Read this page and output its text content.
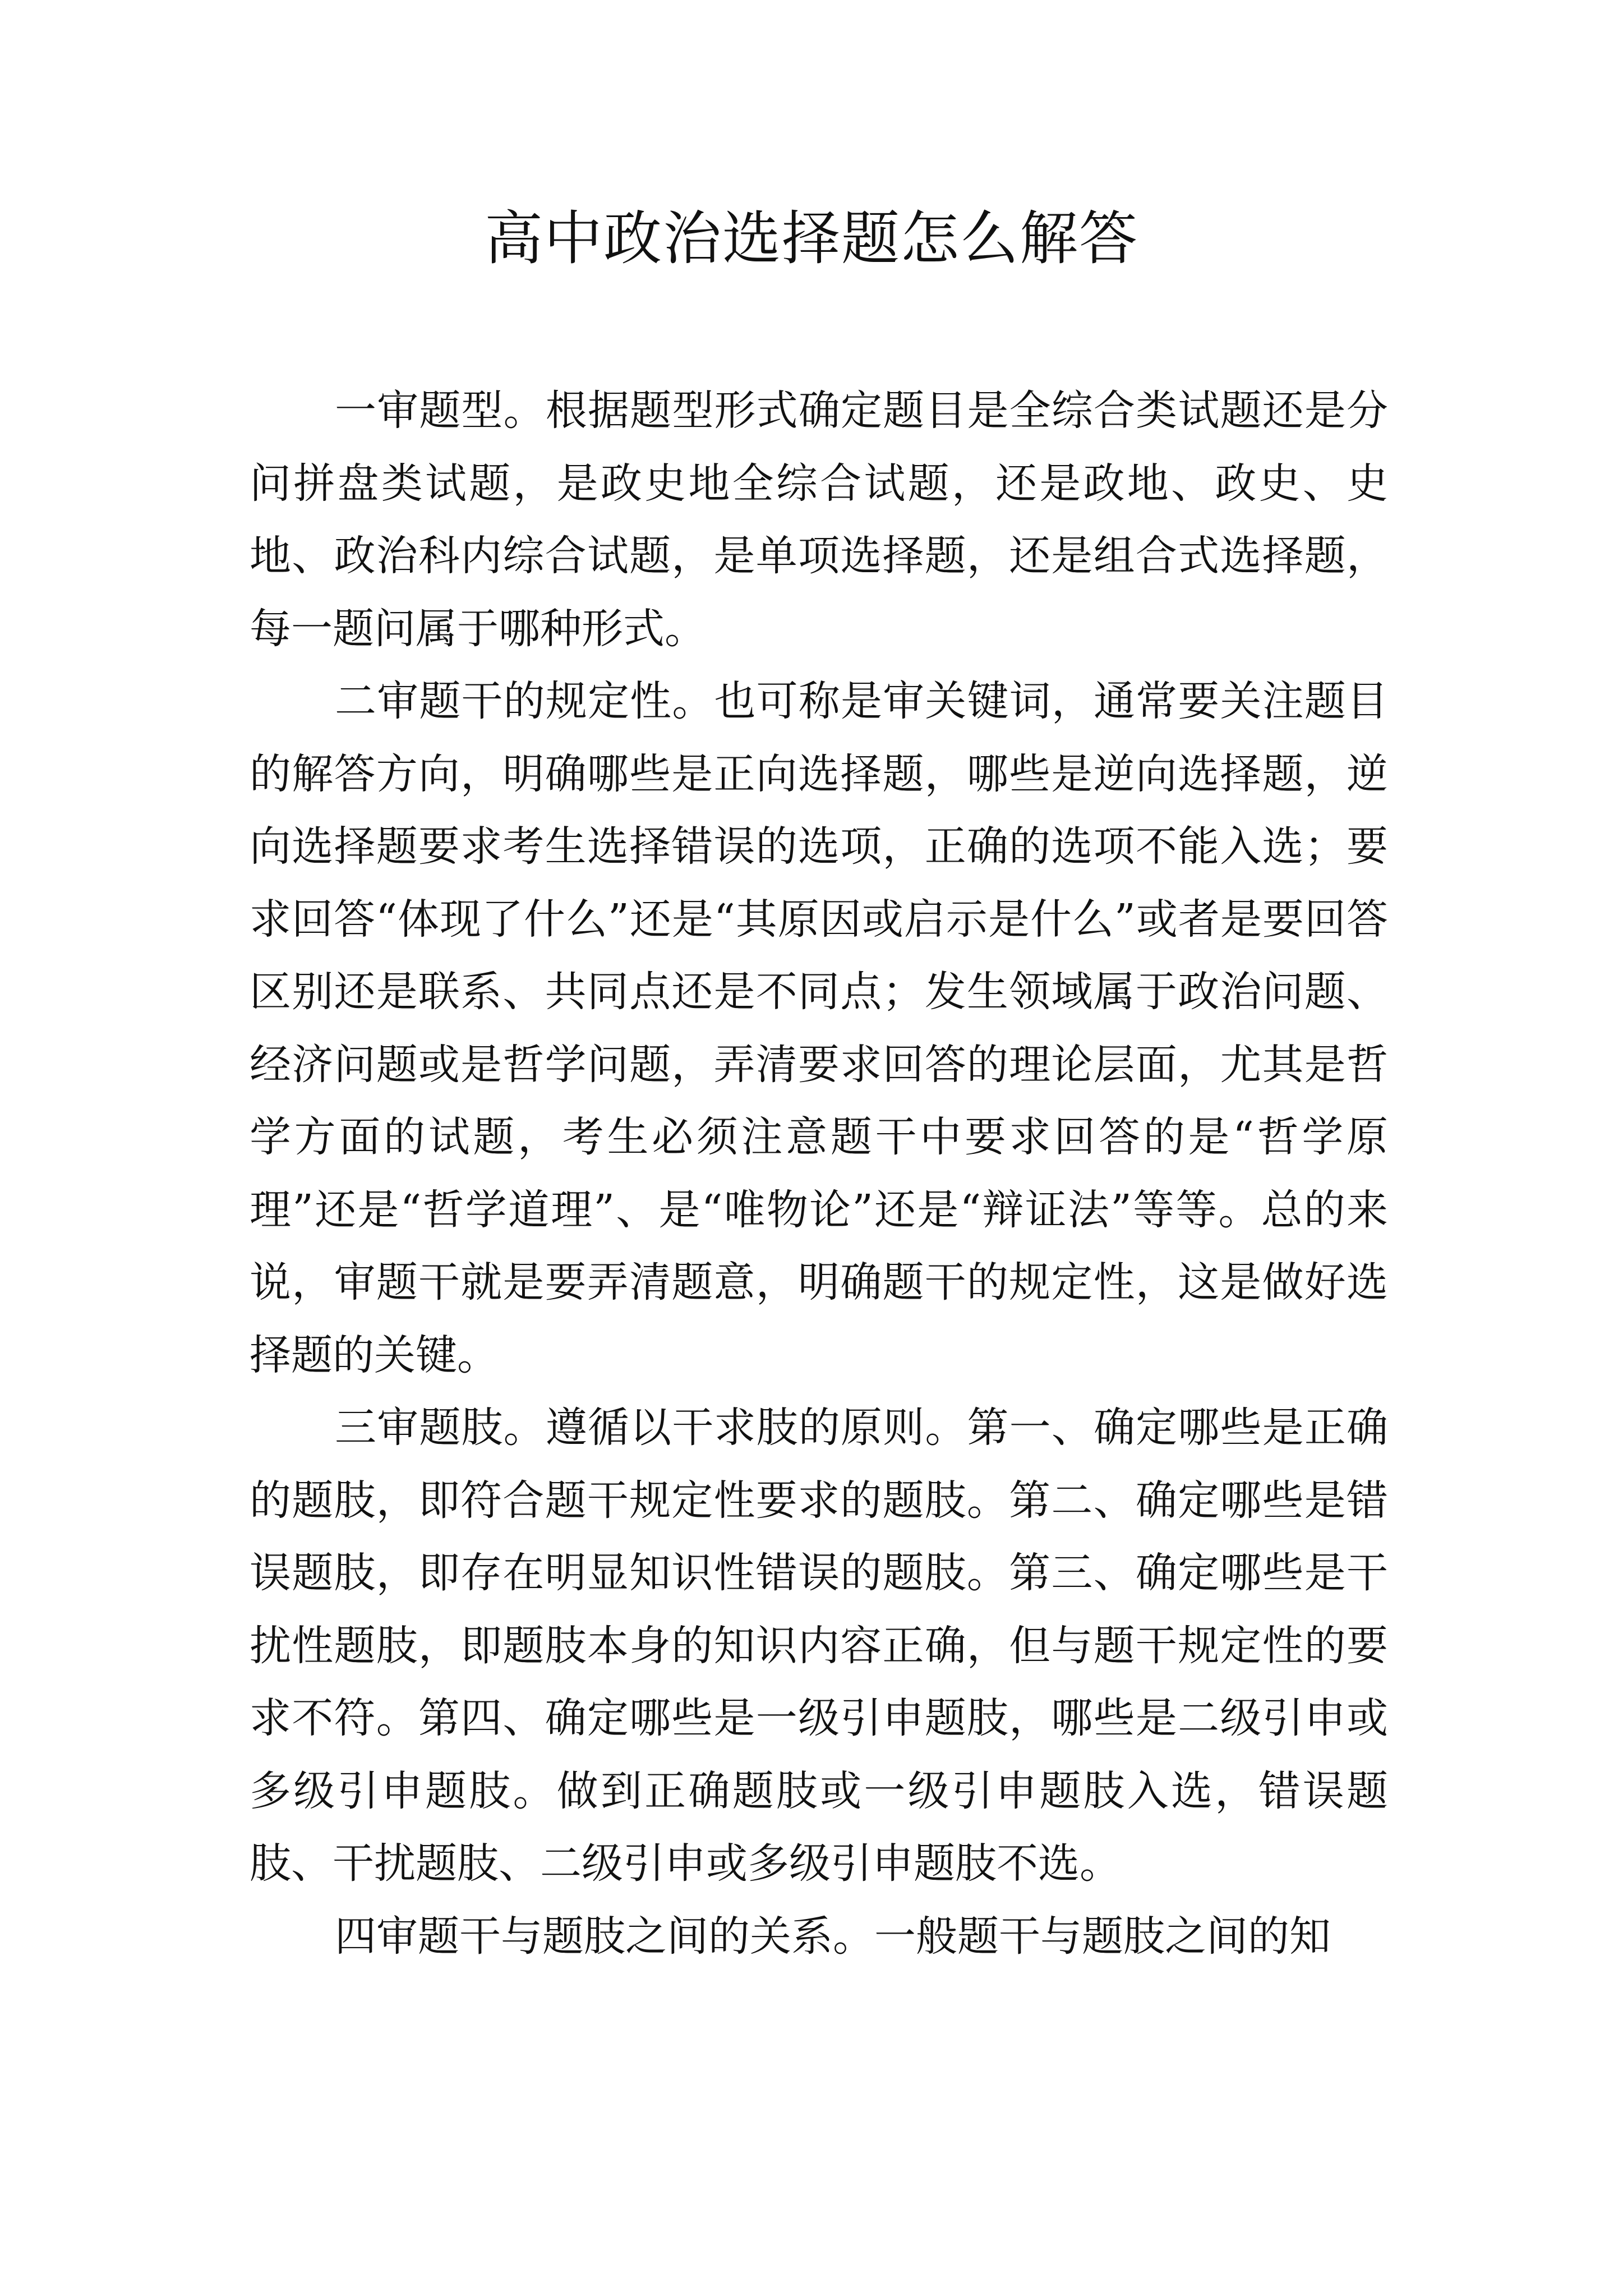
高中政治选择题怎么解答

一审题型。根据题型形式确定题目是全综合类试题还是分问拼盘类试题，是政史地全综合试题，还是政地、政史、史地、政治科内综合试题，是单项选择题，还是组合式选择题，每一题问属于哪种形式。

二审题干的规定性。也可称是审关键词，通常要关注题目的解答方向，明确哪些是正向选择题，哪些是逆向选择题，逆向选择题要求考生选择错误的选项，正确的选项不能入选；要求回答“体现了什么”还是“其原因或启示是什么”或者是要回答区别还是联系、共同点还是不同点；发生领域属于政治问题、经济问题或是哲学问题，弄清要求回答的理论层面，尤其是哲学方面的试题，考生必须注意题干中要求回答的是“哲学原理”还是“哲学道理”、是“唯物论”还是“辩证法”等等。总的来说，审题干就是要弄清题意，明确题干的规定性，这是做好选择题的关键。

三审题肢。遵循以干求肢的原则。第一、确定哪些是正确的题肢，即符合题干规定性要求的题肢。第二、确定哪些是错误题肢，即存在明显知识性错误的题肢。第三、确定哪些是干扰性题肢，即题肢本身的知识内容正确，但与题干规定性的要求不符。第四、确定哪些是一级引申题肢，哪些是二级引申或多级引申题肢。做到正确题肢或一级引申题肢入选，错误题肢、干扰题肢、二级引申或多级引申题肢不选。

四审题干与题肢之间的关系。一般题干与题肢之间的知
